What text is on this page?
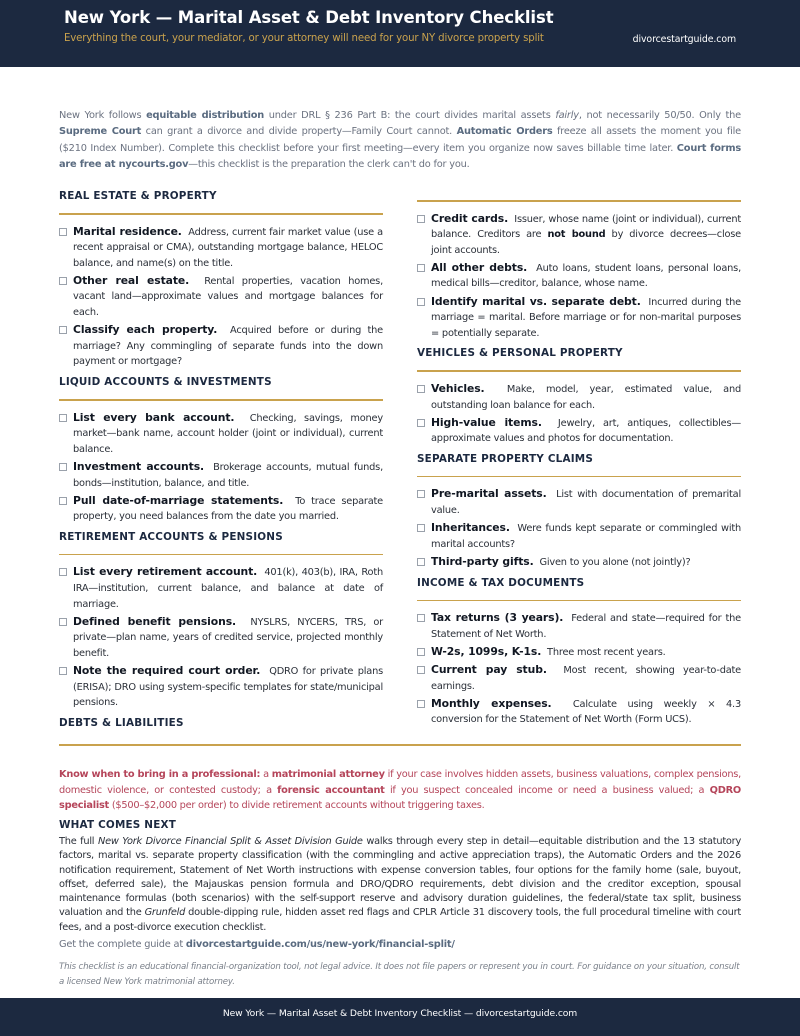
New York — Marital Asset & Debt Inventory Checklist
Everything the court, your mediator, or your attorney will need for your NY divorce property split	divorcestartguide.com
New York follows equitable distribution under DRL § 236 Part B: the court divides marital assets fairly, not necessarily 50/50. Only the Supreme Court can grant a divorce and divide property—Family Court cannot. Automatic Orders freeze all assets the moment you file ($210 Index Number). Complete this checklist before your first meeting—every item you organize now saves billable time later. Court forms are free at nycourts.gov—this checklist is the preparation the clerk can't do for you.
REAL ESTATE & PROPERTY
Marital residence. Address, current fair market value (use a recent appraisal or CMA), outstanding mortgage balance, HELOC balance, and name(s) on the title.
Other real estate. Rental properties, vacation homes, vacant land—approximate values and mortgage balances for each.
Classify each property. Acquired before or during the marriage? Any commingling of separate funds into the down payment or mortgage?
LIQUID ACCOUNTS & INVESTMENTS
List every bank account. Checking, savings, money market—bank name, account holder (joint or individual), current balance.
Investment accounts. Brokerage accounts, mutual funds, bonds—institution, balance, and title.
Pull date-of-marriage statements. To trace separate property, you need balances from the date you married.
RETIREMENT ACCOUNTS & PENSIONS
List every retirement account. 401(k), 403(b), IRA, Roth IRA—institution, current balance, and balance at date of marriage.
Defined benefit pensions. NYSLRS, NYCERS, TRS, or private—plan name, years of credited service, projected monthly benefit.
Note the required court order. QDRO for private plans (ERISA); DRO using system-specific templates for state/municipal pensions.
DEBTS & LIABILITIES
Credit cards. Issuer, whose name (joint or individual), current balance. Creditors are not bound by divorce decrees—close joint accounts.
All other debts. Auto loans, student loans, personal loans, medical bills—creditor, balance, whose name.
Identify marital vs. separate debt. Incurred during the marriage = marital. Before marriage or for non-marital purposes = potentially separate.
VEHICLES & PERSONAL PROPERTY
Vehicles. Make, model, year, estimated value, and outstanding loan balance for each.
High-value items. Jewelry, art, antiques, collectibles—approximate values and photos for documentation.
SEPARATE PROPERTY CLAIMS
Pre-marital assets. List with documentation of premarital value.
Inheritances. Were funds kept separate or commingled with marital accounts?
Third-party gifts. Given to you alone (not jointly)?
INCOME & TAX DOCUMENTS
Tax returns (3 years). Federal and state—required for the Statement of Net Worth.
W-2s, 1099s, K-1s. Three most recent years.
Current pay stub. Most recent, showing year-to-date earnings.
Monthly expenses. Calculate using weekly × 4.3 conversion for the Statement of Net Worth (Form UCS).
Know when to bring in a professional: a matrimonial attorney if your case involves hidden assets, business valuations, complex pensions, domestic violence, or contested custody; a forensic accountant if you suspect concealed income or need a business valued; a QDRO specialist ($500–$2,000 per order) to divide retirement accounts without triggering taxes.
WHAT COMES NEXT
The full New York Divorce Financial Split & Asset Division Guide walks through every step in detail—equitable distribution and the 13 statutory factors, marital vs. separate property classification (with the commingling and active appreciation traps), the Automatic Orders and the 2026 notification requirement, Statement of Net Worth instructions with expense conversion tables, four options for the family home (sale, buyout, offset, deferred sale), the Majauskas pension formula and DRO/QDRO requirements, debt division and the creditor exception, spousal maintenance formulas (both scenarios) with the self-support reserve and advisory duration guidelines, the federal/state tax split, business valuation and the Grunfeld double-dipping rule, hidden asset red flags and CPLR Article 31 discovery tools, the full procedural timeline with court fees, and a post-divorce execution checklist.
Get the complete guide at divorcestartguide.com/us/new-york/financial-split/
This checklist is an educational financial-organization tool, not legal advice. It does not file papers or represent you in court. For guidance on your situation, consult a licensed New York matrimonial attorney.
New York — Marital Asset & Debt Inventory Checklist — divorcestartguide.com
